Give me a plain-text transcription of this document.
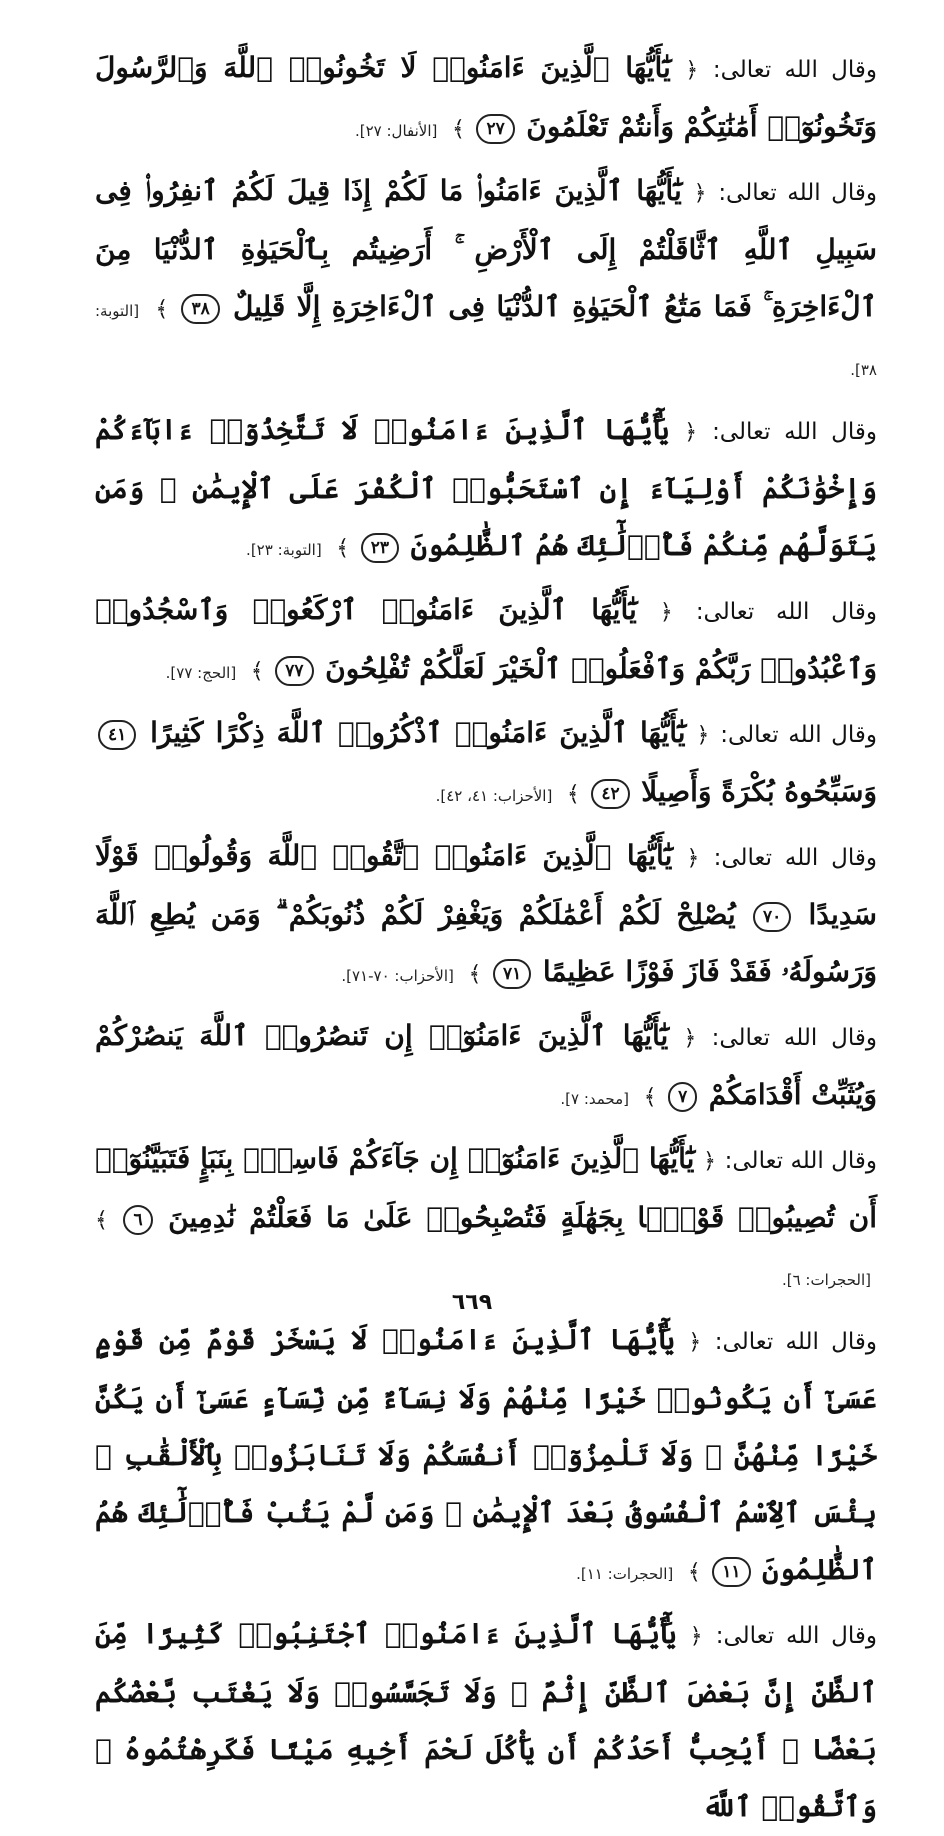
وقال الله تعالى: ﴿ يَٰٓأَيُّهَا ٱلَّذِينَ ءَامَنُوا۟ لَا تَخُونُوا۟ ٱللَّهَ وَٱلرَّسُولَ وَتَخُونُوٓا۟ أَمَٰنَٰتِكُمْ وَأَنتُمْ تَعْلَمُونَ ٢٧ ﴾ [الأنفال: ٢٧].

وقال الله تعالى: ﴿ يَٰٓأَيُّهَا ٱلَّذِينَ ءَامَنُوا۟ مَا لَكُمْ إِذَا قِيلَ لَكُمُ ٱنفِرُوا۟ فِى سَبِيلِ ٱللَّهِ ٱثَّاقَلْتُمْ إِلَى ٱلْأَرْضِ ۚ أَرَضِيتُم بِٱلْحَيَوٰةِ ٱلدُّنْيَا مِنَ ٱلْءَاخِرَةِ ۚ فَمَا مَتَٰعُ ٱلْحَيَوٰةِ ٱلدُّنْيَا فِى ٱلْءَاخِرَةِ إِلَّا قَلِيلٌ ٣٨ ﴾ [التوبة: ٣٨].

وقال الله تعالى: ﴿ يَٰٓأَيُّهَا ٱلَّذِينَ ءَامَنُوا۟ لَا تَتَّخِذُوٓا۟ ءَابَآءَكُمْ وَإِخْوَٰنَكُمْ أَوْلِيَآءَ إِنِ ٱسْتَحَبُّوا۟ ٱلْكُفْرَ عَلَى ٱلْإِيمَٰنِ ۚ وَمَن يَتَوَلَّهُم مِّنكُمْ فَأُو۟لَٰٓئِكَ هُمُ ٱلظَّٰلِمُونَ ٢٣ ﴾ [التوبة: ٢٣].

وقال الله تعالى: ﴿ يَٰٓأَيُّهَا ٱلَّذِينَ ءَامَنُوا۟ ٱرْكَعُوا۟ وَٱسْجُدُوا۟ وَٱعْبُدُوا۟ رَبَّكُمْ وَٱفْعَلُوا۟ ٱلْخَيْرَ لَعَلَّكُمْ تُفْلِحُونَ ٧٧ ﴾ [الحج: ٧٧].

وقال الله تعالى: ﴿ يَٰٓأَيُّهَا ٱلَّذِينَ ءَامَنُوا۟ ٱذْكُرُوا۟ ٱللَّهَ ذِكْرًا كَثِيرًا ٤١ وَسَبِّحُوهُ بُكْرَةً وَأَصِيلًا ٤٢ ﴾ [الأحزاب: ٤١، ٤٢].

وقال الله تعالى: ﴿ يَٰٓأَيُّهَا ٱلَّذِينَ ءَامَنُوا۟ ٱتَّقُوا۟ ٱللَّهَ وَقُولُوا۟ قَوْلًا سَدِيدًا ٧٠ يُصْلِحْ لَكُمْ أَعْمَٰلَكُمْ وَيَغْفِرْ لَكُمْ ذُنُوبَكُمْ ۗ وَمَن يُطِعِ ٱللَّهَ وَرَسُولَهُۥ فَقَدْ فَازَ فَوْزًا عَظِيمًا ٧١ ﴾ [الأحزاب: ٧٠-٧١].

وقال الله تعالى: ﴿ يَٰٓأَيُّهَا ٱلَّذِينَ ءَامَنُوٓا۟ إِن تَنصُرُوا۟ ٱللَّهَ يَنصُرْكُمْ وَيُثَبِّتْ أَقْدَامَكُمْ ٧ ﴾ [محمد: ٧].

وقال الله تعالى: ﴿ يَٰٓأَيُّهَا ٱلَّذِينَ ءَامَنُوٓا۟ إِن جَآءَكُمْ فَاسِقٌۢ بِنَبَإٍ فَتَبَيَّنُوٓا۟ أَن تُصِيبُوا۟ قَوْمًۢا بِجَهَٰلَةٍ فَتُصْبِحُوا۟ عَلَىٰ مَا فَعَلْتُمْ نَٰدِمِينَ ٦ ﴾ [الحجرات: ٦].

وقال الله تعالى: ﴿ يَٰٓأَيُّهَا ٱلَّذِينَ ءَامَنُوا۟ لَا يَسْخَرْ قَوْمٌ مِّن قَوْمٍ عَسَىٰٓ أَن يَكُونُوا۟ خَيْرًا مِّنْهُمْ وَلَا نِسَآءٌ مِّن نِّسَآءٍ عَسَىٰٓ أَن يَكُنَّ خَيْرًا مِّنْهُنَّ ۖ وَلَا تَلْمِزُوٓا۟ أَنفُسَكُمْ وَلَا تَنَابَزُوا۟ بِٱلْأَلْقَٰبِ ۖ بِئْسَ ٱلِٱسْمُ ٱلْفُسُوقُ بَعْدَ ٱلْإِيمَٰنِ ۚ وَمَن لَّمْ يَتُبْ فَأُو۟لَٰٓئِكَ هُمُ ٱلظَّٰلِمُونَ ١١ ﴾ [الحجرات: ١١].

وقال الله تعالى: ﴿ يَٰٓأَيُّهَا ٱلَّذِينَ ءَامَنُوا۟ ٱجْتَنِبُوا۟ كَثِيرًا مِّنَ ٱلظَّنِّ إِنَّ بَعْضَ ٱلظَّنِّ إِثْمٌ ۖ وَلَا تَجَسَّسُوا۟ وَلَا يَغْتَب بَّعْضُكُم بَعْضًا ۚ أَيُحِبُّ أَحَدُكُمْ أَن يَأْكُلَ لَحْمَ أَخِيهِ مَيْتًا فَكَرِهْتُمُوهُ ۚ وَٱتَّقُوا۟ ٱللَّهَ

٦٦٩
